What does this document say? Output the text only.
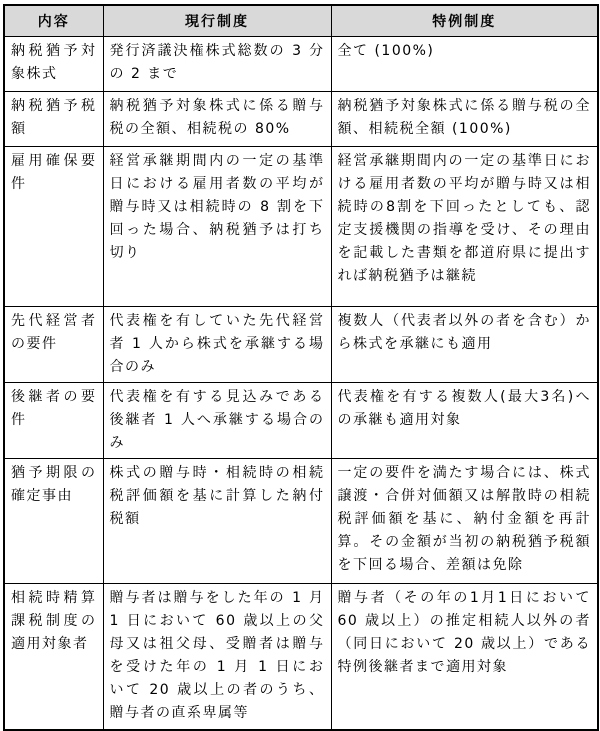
内容	現行制度	特例制度
納税猶予対象株式	発行済議決権株式総数の 3 分の 2 まで	全て (100%)
納税猶予税額	納税猶予対象株式に係る贈与税の全額、相続税の 80%	納税猶予対象株式に係る贈与税の全額、相続税全額 (100%)
雇用確保要件	経営承継期間内の一定の基準日における雇用者数の平均が贈与時又は相続時の 8 割を下回った場合、納税猶予は打ち切り	経営承継期間内の一定の基準日における雇用者数の平均が贈与時又は相続時の8割を下回ったとしても、認定支援機関の指導を受け、その理由を記載した書類を都道府県に提出すれば納税猶予は継続
先代経営者の要件	代表権を有していた先代経営者 1 人から株式を承継する場合のみ	複数人（代表者以外の者を含む）から株式を承継にも適用
後継者の要件	代表権を有する見込みである後継者 1 人へ承継する場合のみ	代表権を有する複数人(最大3名)への承継も適用対象
猶予期限の確定事由	株式の贈与時・相続時の相続税評価額を基に計算した納付税額	一定の要件を満たす場合には、株式譲渡・合併対価額又は解散時の相続税評価額を基に、納付金額を再計算。その金額が当初の納税猶予税額を下回る場合、差額は免除
相続時精算課税制度の適用対象者	贈与者は贈与をした年の 1 月 1 日において 60 歳以上の父母又は祖父母、受贈者は贈与を受けた年の 1 月 1 日において 20 歳以上の者のうち、贈与者の直系卑属等	贈与者（その年の1月1日において 60 歳以上）の推定相続人以外の者（同日において 20 歳以上）である特例後継者まで適用対象
